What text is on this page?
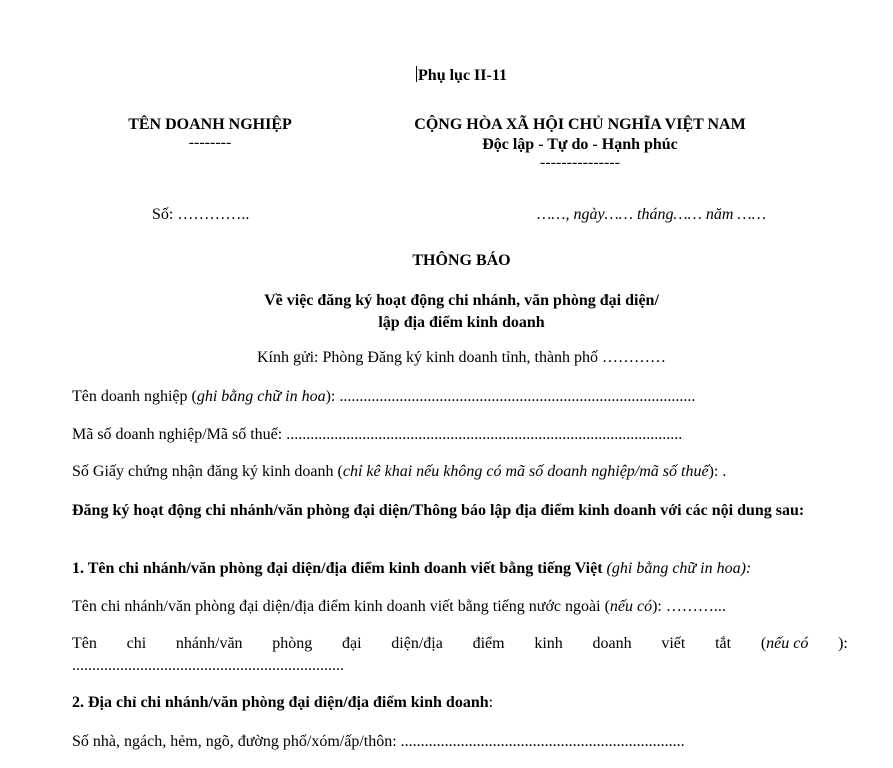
Phụ lục II-11
TÊN DOANH NGHIỆP
--------
CỘNG HÒA XÃ HỘI CHỦ NGHĨA VIỆT NAM
Độc lập - Tự do - Hạnh phúc
---------------
Số: …………..	……, ngày…… tháng…… năm ……
THÔNG BÁO
Về việc đăng ký hoạt động chi nhánh, văn phòng đại diện/
lập địa điểm kinh doanh
Kính gửi: Phòng Đăng ký kinh doanh tỉnh, thành phố …………
Tên doanh nghiệp (ghi bằng chữ in hoa): .........................................................................................
Mã số doanh nghiệp/Mã số thuế: ...................................................................................................
Số Giấy chứng nhận đăng ký kinh doanh (chỉ kê khai nếu không có mã số doanh nghiệp/mã số thuế): .
Đăng ký hoạt động chi nhánh/văn phòng đại diện/Thông báo lập địa điểm kinh doanh với các nội dung sau:
1. Tên chi nhánh/văn phòng đại diện/địa điểm kinh doanh viết bằng tiếng Việt (ghi bằng chữ in hoa):
Tên chi nhánh/văn phòng đại diện/địa điểm kinh doanh viết bằng tiếng nước ngoài (nếu có): ………...
Tên chi nhánh/văn phòng đại diện/địa điểm kinh doanh viết tắt (nếu có ):
....................................................................
2. Địa chỉ chi nhánh/văn phòng đại diện/địa điểm kinh doanh:
Số nhà, ngách, hẻm, ngõ, đường phố/xóm/ấp/thôn: .......................................................................
